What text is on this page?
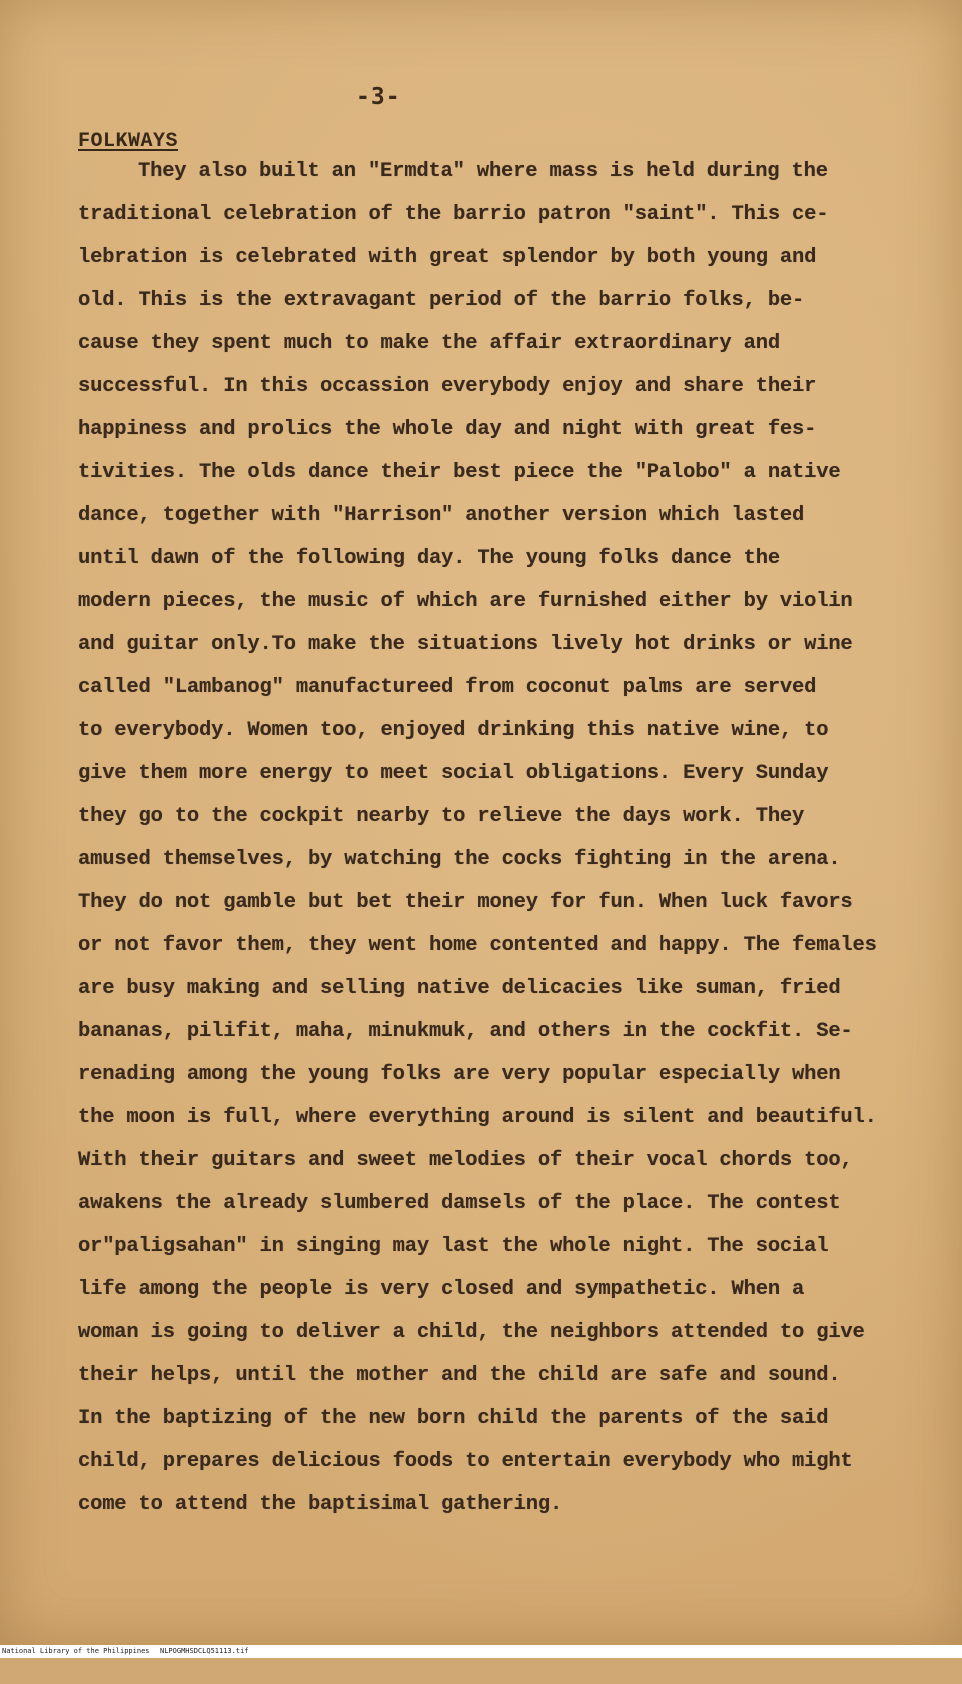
-3-
FOLKWAYS
They also built an "Ermdta" where mass is held during the
traditional celebration of the barrio patron "saint". This ce-
lebration is celebrated with great splendor by both young and
old. This is the extravagant period of the barrio folks, be-
cause they spent much to make the affair extraordinary and
successful. In this occassion everybody enjoy and share their
happiness and prolics the whole day and night with great fes-
tivities. The olds dance their best piece the "Palobo" a native
dance, together with "Harrison" another version which lasted
until dawn of the following day. The young folks dance the
modern pieces, the music of which are furnished either by violin
and guitar only.To make the situations lively hot drinks or wine
called "Lambanog" manufactureed from coconut palms are served
to everybody. Women too, enjoyed drinking this native wine, to
give them more energy to meet social obligations. Every Sunday
they go to the cockpit nearby to relieve the days work. They
amused themselves, by watching the cocks fighting in the arena.
They do not gamble but bet their money for fun. When luck favors
or not favor them, they went home contented and happy. The females
are busy making and selling native delicacies like suman, fried
bananas, pilifit, maha, minukmuk, and others in the cockfit. Se-
renading among the young folks are very popular especially when
the moon is full, where everything around is silent and beautiful.
With their guitars and sweet melodies of their vocal chords too,
awakens the already slumbered damsels of the place. The contest
or"paligsahan" in singing may last the whole night. The social
life among the people is very closed and sympathetic. When a
woman is going to deliver a child, the neighbors attended to give
their helps, until the mother and the child are safe and sound.
In the baptizing of the new born child the parents of the said
child, prepares delicious foods to entertain everybody who might
come to attend the baptisimal gathering.

National Library of the Philippines

NLPOGMHSDCLQ51113.tif
